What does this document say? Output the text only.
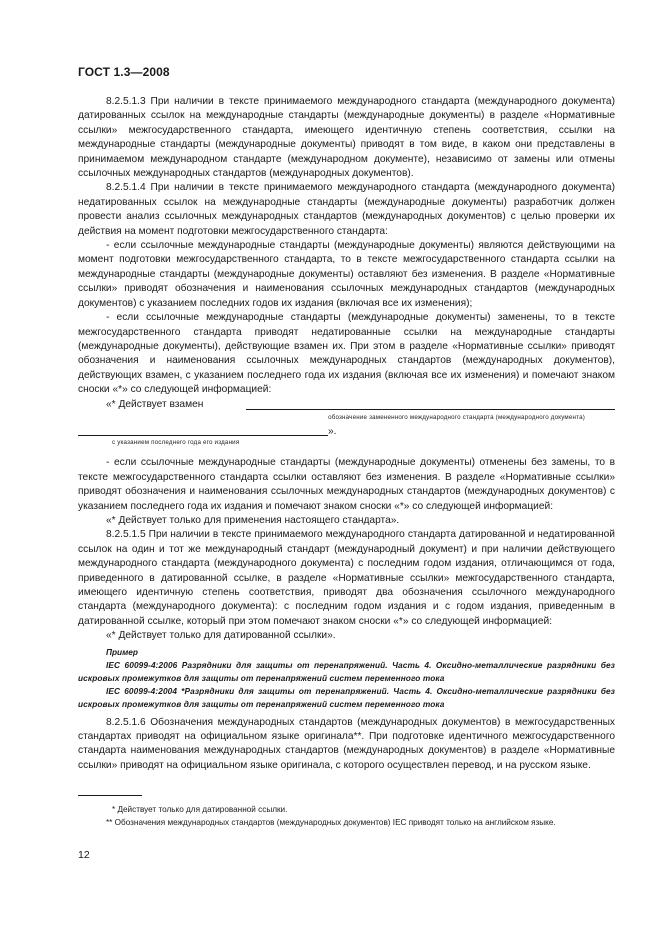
ГОСТ 1.3—2008

8.2.5.1.3 При наличии в тексте принимаемого международного стандарта (международного документа) датированных ссылок на международные стандарты (международные документы) в разделе «Нормативные ссылки» межгосударственного стандарта, имеющего идентичную степень соответствия, ссылки на международные стандарты (международные документы) приводят в том виде, в каком они представлены в принимаемом международном стандарте (международном документе), независимо от замены или отмены ссылочных международных стандартов (международных документов).

8.2.5.1.4 При наличии в тексте принимаемого международного стандарта (международного документа) недатированных ссылок на международные стандарты (международные документы) разработчик должен провести анализ ссылочных международных стандартов (международных документов) с целью проверки их действия на момент подготовки межгосударственного стандарта:

- если ссылочные международные стандарты (международные документы) являются действующими на момент подготовки межгосударственного стандарта, то в тексте межгосударственного стандарта ссылки на международные стандарты (международные документы) оставляют без изменения. В разделе «Нормативные ссылки» приводят обозначения и наименования ссылочных международных стандартов (международных документов) с указанием последних годов их издания (включая все их изменения);

- если ссылочные международные стандарты (международные документы) заменены, то в тексте межгосударственного стандарта приводят недатированные ссылки на международные стандарты (международные документы), действующие взамен их. При этом в разделе «Нормативные ссылки» приводят обозначения и наименования ссылочных международных стандартов (международных документов), действующих взамен, с указанием последнего года их издания (включая все их изменения) и помечают знаком сноски «*» со следующей информацией:

«* Действует взамен
обозначение замененного международного стандарта (международного документа)
».
с указанием последнего года его издания

- если ссылочные международные стандарты (международные документы) отменены без замены, то в тексте межгосударственного стандарта ссылки оставляют без изменения. В разделе «Нормативные ссылки» приводят обозначения и наименования ссылочных международных стандартов (международных документов) с указанием последнего года их издания и помечают знаком сноски «*» со следующей информацией:

«* Действует только для применения настоящего стандарта».

8.2.5.1.5 При наличии в тексте принимаемого международного стандарта датированной и недатированной ссылок на один и тот же международный стандарт (международный документ) и при наличии действующего международного стандарта (международного документа) с последним годом издания, отличающимся от года, приведенного в датированной ссылке, в разделе «Нормативные ссылки» межгосударственного стандарта, имеющего идентичную степень соответствия, приводят два обозначения ссылочного международного стандарта (международного документа): с последним годом издания и с годом издания, приведенным в датированной ссылке, который при этом помечают знаком сноски «*» со следующей информацией:

«* Действует только для датированной ссылки».

Пример
IEC 60099-4:2006 Разрядники для защиты от перенапряжений. Часть 4. Оксидно-металлические разрядники без искровых промежутков для защиты от перенапряжений систем переменного тока
IEC 60099-4:2004 *Разрядники для защиты от перенапряжений. Часть 4. Оксидно-металлические разрядники без искровых промежутков для защиты от перенапряжений систем переменного тока

8.2.5.1.6 Обозначения международных стандартов (международных документов) в межгосударственных стандартах приводят на официальном языке оригинала**. При подготовке идентичного межгосударственного стандарта наименования международных стандартов (международных документов) в разделе «Нормативные ссылки» приводят на официальном языке оригинала, с которого осуществлен перевод, и на русском языке.

* Действует только для датированной ссылки.

** Обозначения международных стандартов (международных документов) IEC приводят только на английском языке.

12
